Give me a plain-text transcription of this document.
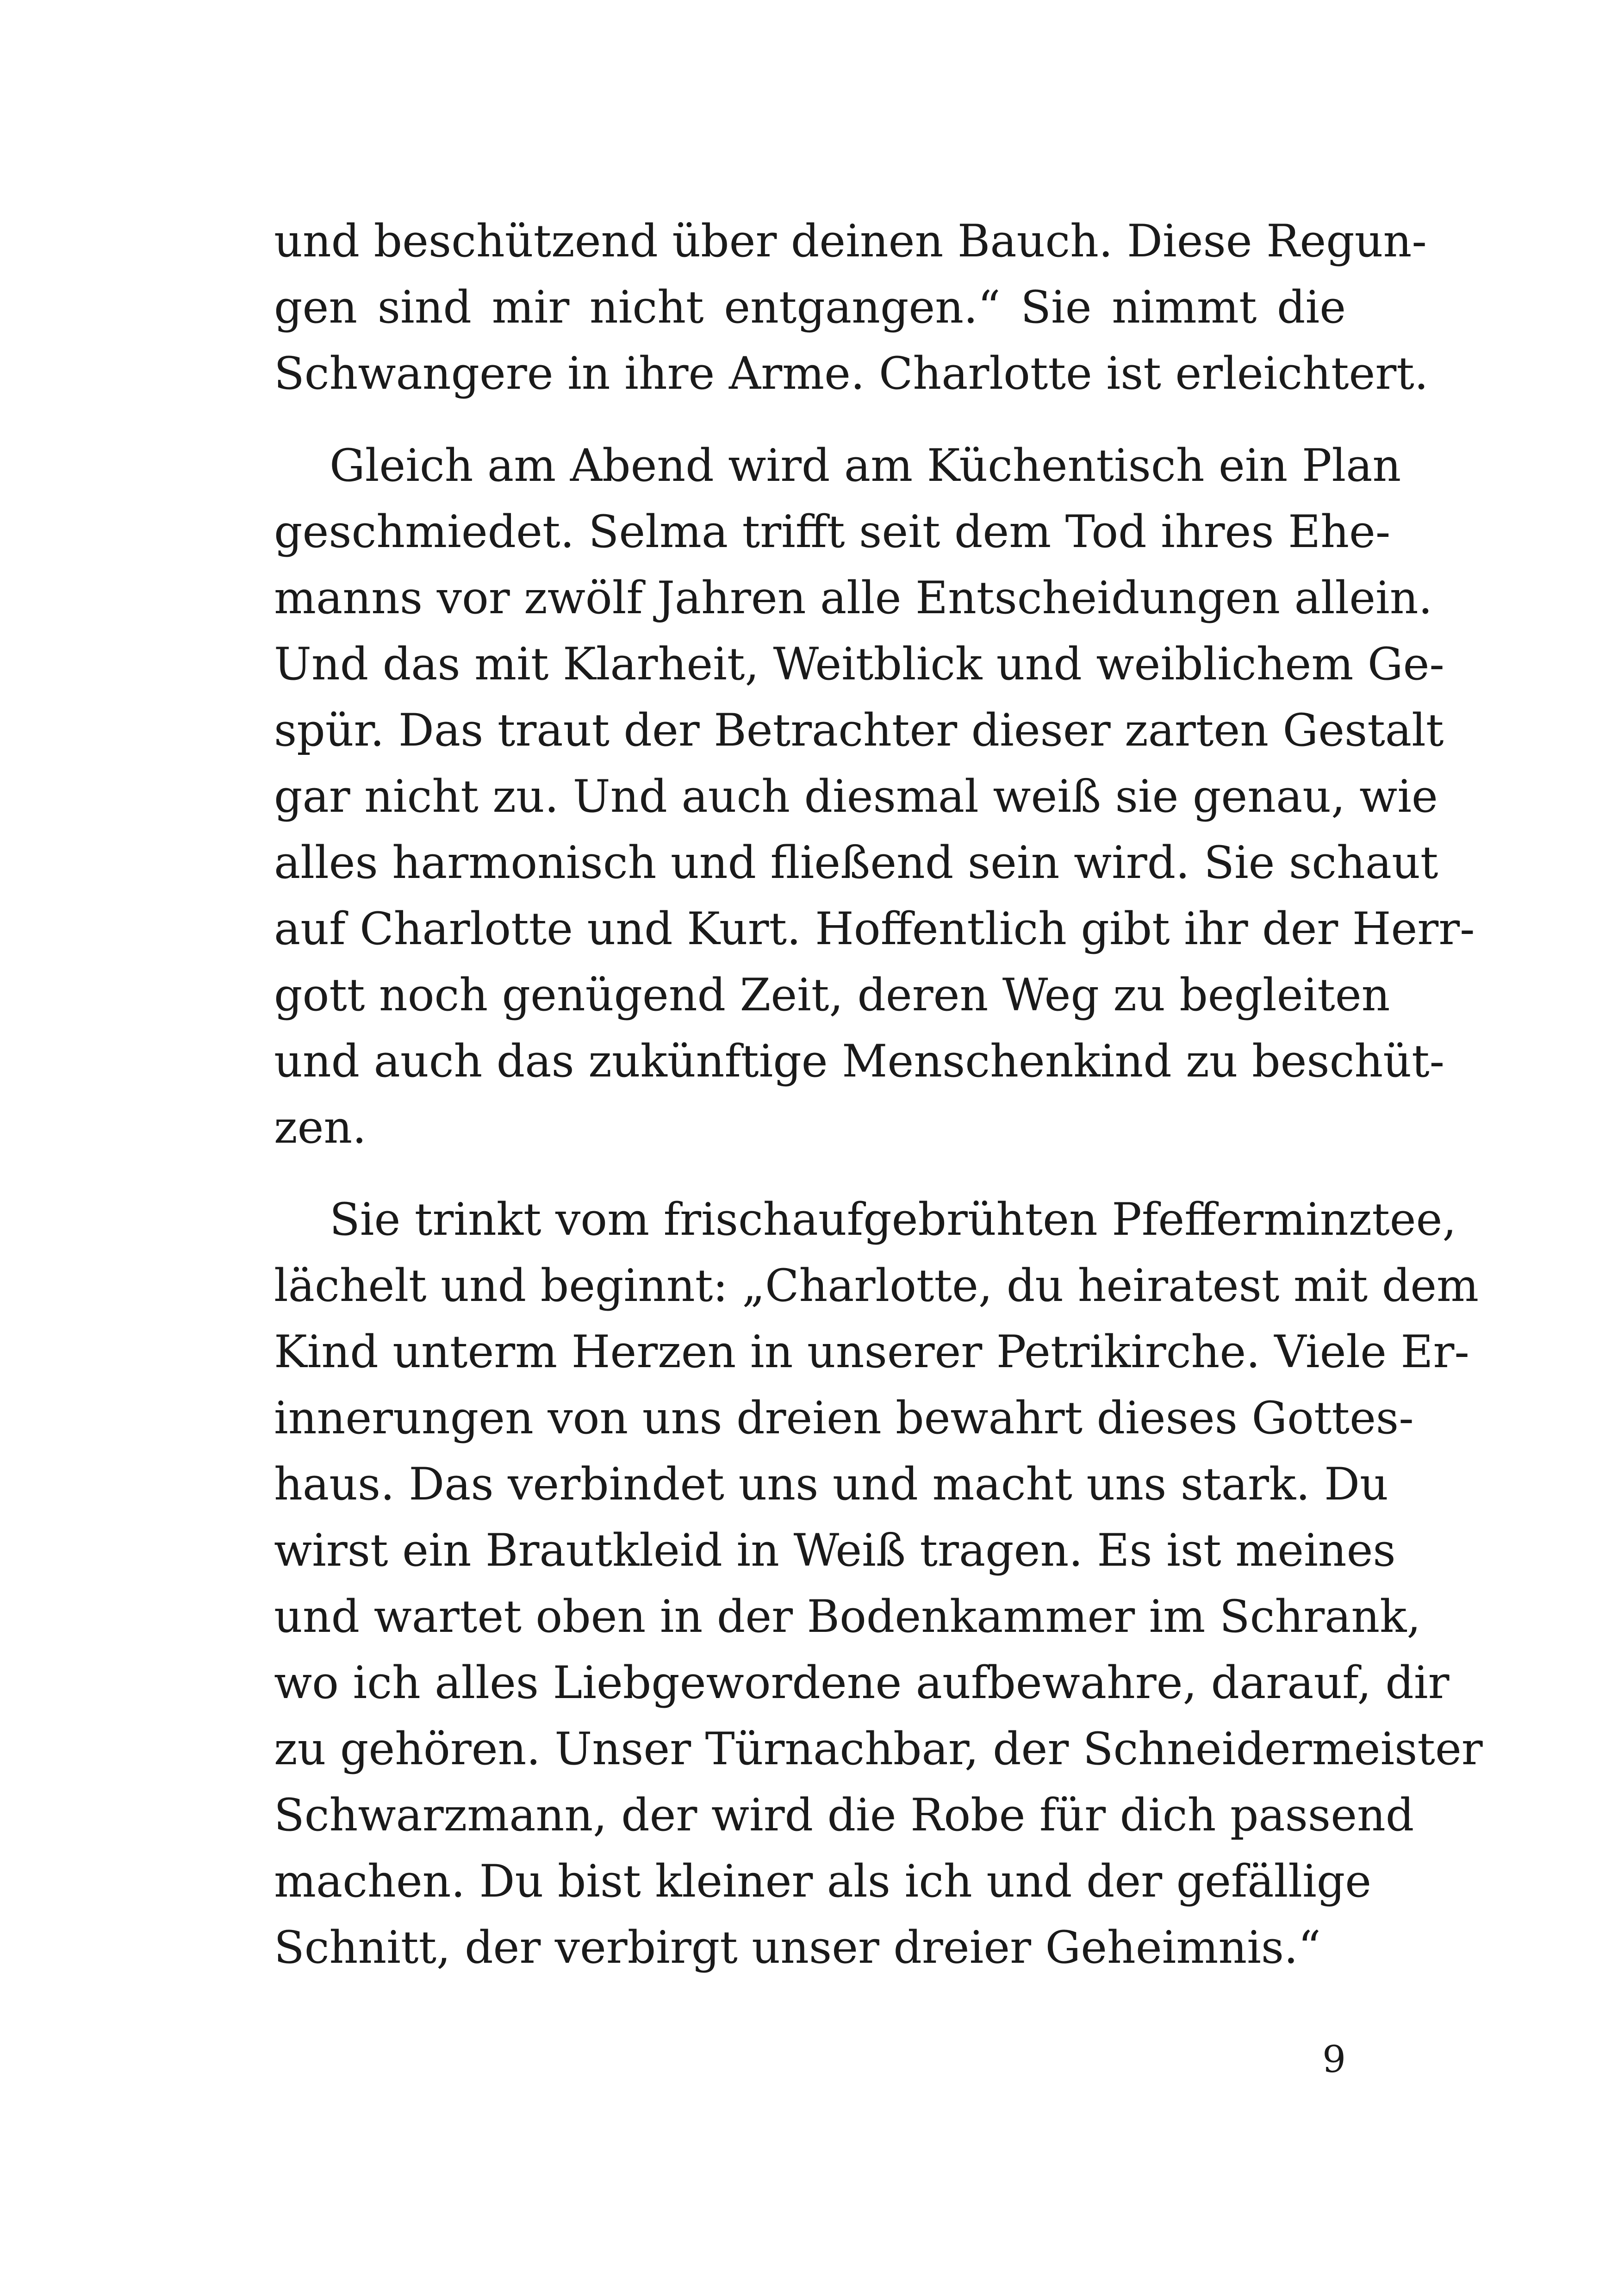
und beschützend über deinen Bauch. Diese Regun-
gen sind mir nicht entgangen.“ Sie nimmt die
Schwangere in ihre Arme. Charlotte ist erleichtert.

Gleich am Abend wird am Küchentisch ein Plan
geschmiedet. Selma trifft seit dem Tod ihres Ehe-
manns vor zwölf Jahren alle Entscheidungen allein.
Und das mit Klarheit, Weitblick und weiblichem Ge-
spür. Das traut der Betrachter dieser zarten Gestalt
gar nicht zu. Und auch diesmal weiß sie genau, wie
alles harmonisch und fließend sein wird. Sie schaut
auf Charlotte und Kurt. Hoffentlich gibt ihr der Herr-
gott noch genügend Zeit, deren Weg zu begleiten
und auch das zukünftige Menschenkind zu beschüt-
zen.

Sie trinkt vom frischaufgebrühten Pfefferminztee,
lächelt und beginnt: „Charlotte, du heiratest mit dem
Kind unterm Herzen in unserer Petrikirche. Viele Er-
innerungen von uns dreien bewahrt dieses Gottes-
haus. Das verbindet uns und macht uns stark. Du
wirst ein Brautkleid in Weiß tragen. Es ist meines
und wartet oben in der Bodenkammer im Schrank,
wo ich alles Liebgewordene aufbewahre, darauf, dir
zu gehören. Unser Türnachbar, der Schneidermeister
Schwarzmann, der wird die Robe für dich passend
machen. Du bist kleiner als ich und der gefällige
Schnitt, der verbirgt unser dreier Geheimnis.“

9
